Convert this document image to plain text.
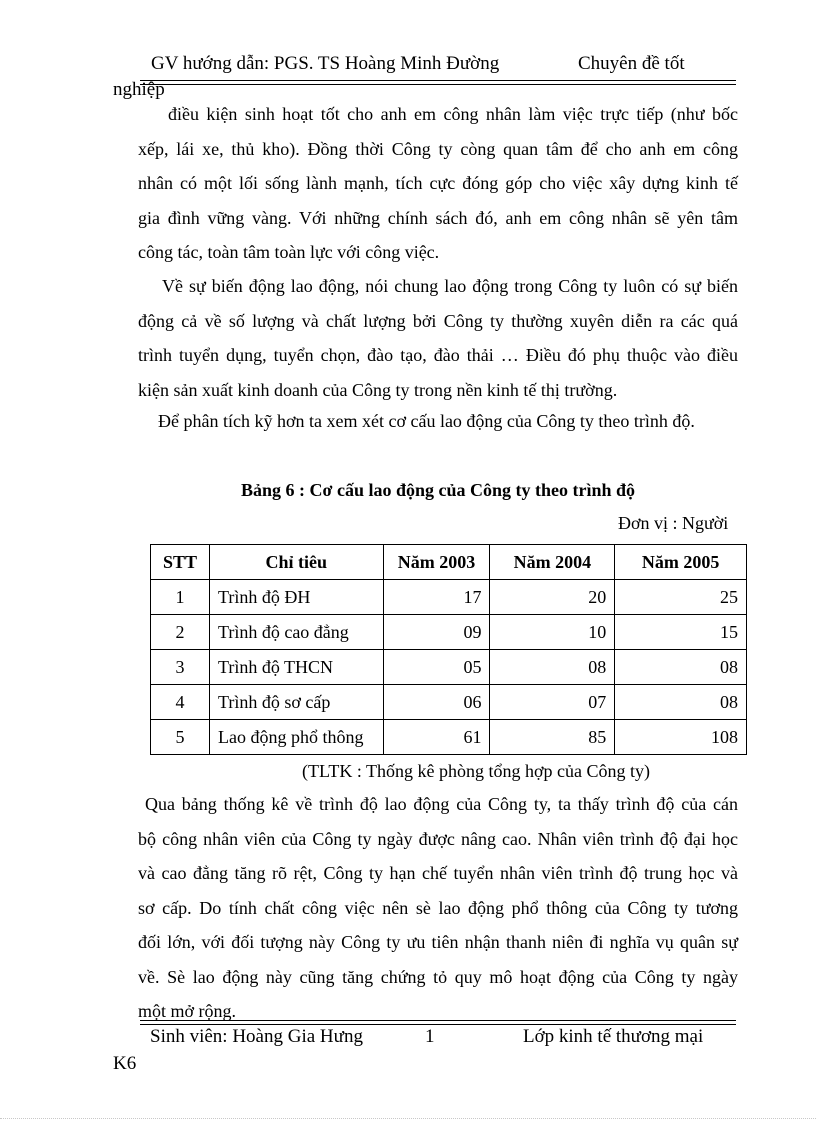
GV hướng dẫn: PGS. TS Hoàng Minh Đường	Chuyên đề tốt
nghiệp
điều kiện sinh hoạt tốt cho anh em công nhân làm việc trực tiếp (như bốc
xếp, lái xe, thủ kho). Đồng thời Công ty còng quan tâm để cho anh em công
nhân có một lối sống lành mạnh, tích cực đóng góp cho việc xây dựng kinh tế
gia đình vững vàng. Với những chính sách đó, anh em công nhân sẽ yên tâm
công tác, toàn tâm toàn lực với công việc.
Về sự biến động lao động, nói chung lao động trong Công ty luôn có sự biến
động cả về số lượng và chất lượng bởi Công ty thường xuyên diễn ra các quá
trình tuyển dụng, tuyển chọn, đào tạo, đào thải … Điều đó phụ thuộc vào điều
kiện sản xuất kinh doanh của Công ty trong nền kinh tế thị trường.
Để phân tích kỹ hơn ta xem xét cơ cấu lao động của Công ty theo trình độ.
Bảng 6 : Cơ cấu lao động của Công ty theo trình độ
Đơn vị : Người
STT	Chỉ tiêu	Năm 2003	Năm 2004	Năm 2005
1	Trình độ ĐH	17	20	25
2	Trình độ cao đẳng	09	10	15
3	Trình độ THCN	05	08	08
4	Trình độ sơ cấp	06	07	08
5	Lao động phổ thông	61	85	108
(TLTK : Thống kê phòng tổng hợp của Công ty)
Qua bảng thống kê về trình độ lao động của Công ty, ta thấy trình độ của cán
bộ công nhân viên của Công ty ngày được nâng cao. Nhân viên trình độ đại học
và cao đẳng tăng rõ rệt, Công ty hạn chế tuyển nhân viên trình độ trung học và
sơ cấp. Do tính chất công việc nên sè lao động phổ thông của Công ty tương
đối lớn, với đối tượng này Công ty ưu tiên nhận thanh niên đi nghĩa vụ quân sự
về. Sè lao động này cũng tăng chứng tỏ quy mô hoạt động của Công ty ngày
một mở rộng.
Sinh viên: Hoàng Gia Hưng	1	Lớp kinh tế thương mại
K6
